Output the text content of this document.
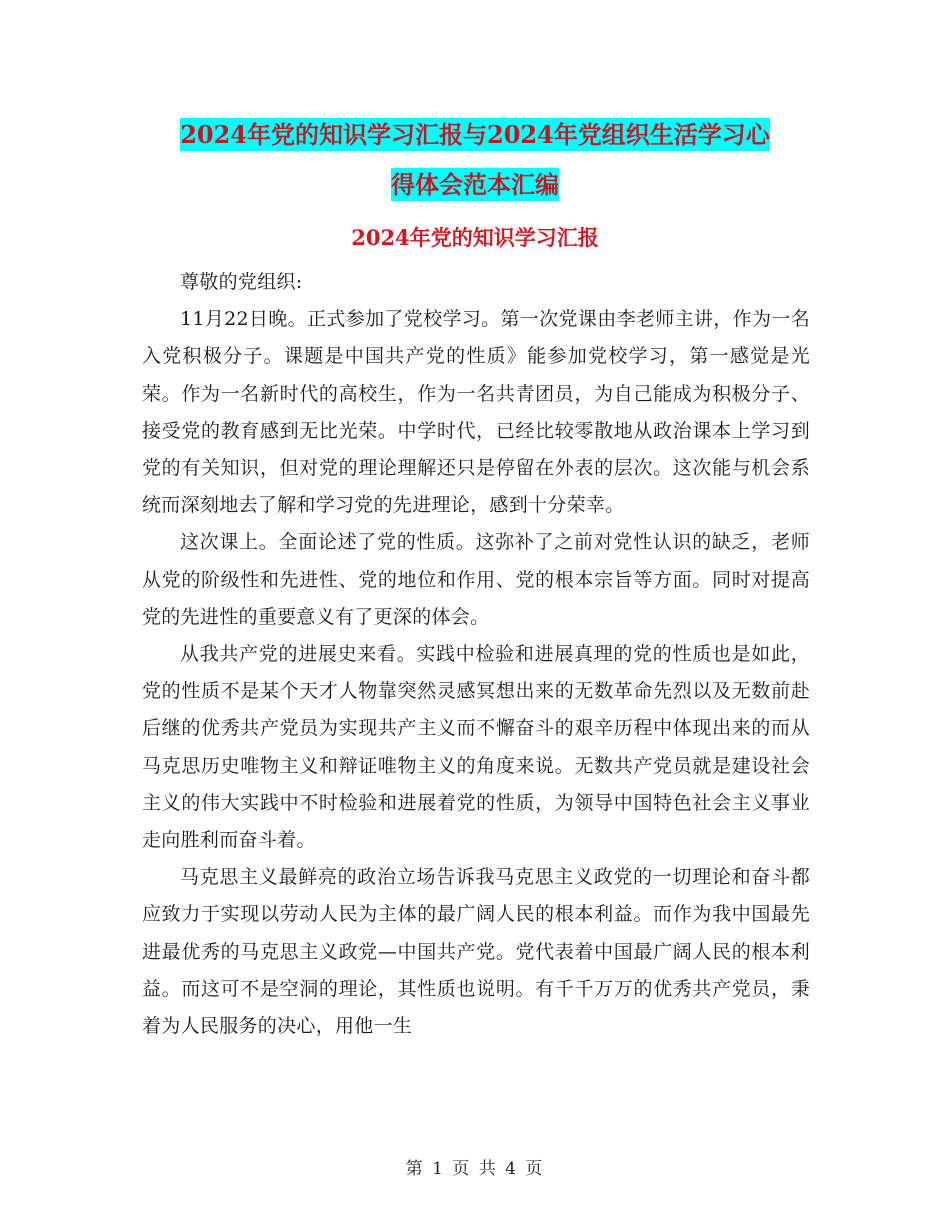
2024年党的知识学习汇报与2024年党组织生活学习心
得体会范本汇编
2024年党的知识学习汇报

尊敬的党组织:

11月22日晚。正式参加了党校学习。第一次党课由李老师主讲，作为一名入党积极分子。课题是中国共产党的性质》能参加党校学习，第一感觉是光荣。作为一名新时代的高校生，作为一名共青团员，为自己能成为积极分子、接受党的教育感到无比光荣。中学时代，已经比较零散地从政治课本上学习到党的有关知识，但对党的理论理解还只是停留在外表的层次。这次能与机会系统而深刻地去了解和学习党的先进理论，感到十分荣幸。

这次课上。全面论述了党的性质。这弥补了之前对党性认识的缺乏，老师从党的阶级性和先进性、党的地位和作用、党的根本宗旨等方面。同时对提高党的先进性的重要意义有了更深的体会。

从我共产党的进展史来看。实践中检验和进展真理的党的性质也是如此，党的性质不是某个天才人物靠突然灵感冥想出来的无数革命先烈以及无数前赴后继的优秀共产党员为实现共产主义而不懈奋斗的艰辛历程中体现出来的而从马克思历史唯物主义和辩证唯物主义的角度来说。无数共产党员就是建设社会主义的伟大实践中不时检验和进展着党的性质，为领导中国特色社会主义事业走向胜利而奋斗着。

马克思主义最鲜亮的政治立场告诉我马克思主义政党的一切理论和奋斗都应致力于实现以劳动人民为主体的最广阔人民的根本利益。而作为我中国最先进最优秀的马克思主义政党—中国共产党。党代表着中国最广阔人民的根本利益。而这可不是空洞的理论，其性质也说明。有千千万万的优秀共产党员，秉着为人民服务的决心，用他一生

第 1 页 共 4 页
